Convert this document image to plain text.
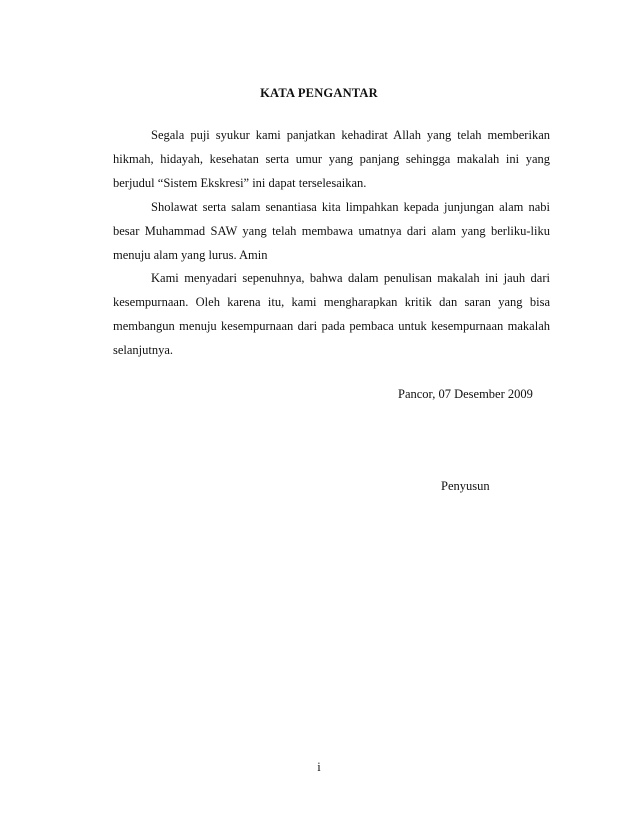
KATA PENGANTAR

Segala puji syukur kami panjatkan kehadirat Allah yang telah memberikan hikmah, hidayah, kesehatan serta umur yang panjang sehingga makalah ini yang berjudul “Sistem Ekskresi” ini dapat terselesaikan.

Sholawat serta salam senantiasa kita limpahkan kepada junjungan alam nabi besar Muhammad SAW yang telah membawa umatnya dari alam yang berliku-liku menuju alam yang lurus. Amin

Kami menyadari sepenuhnya, bahwa dalam penulisan makalah ini jauh dari kesempurnaan. Oleh karena itu, kami mengharapkan kritik dan saran yang bisa membangun menuju kesempurnaan dari pada pembaca untuk kesempurnaan makalah selanjutnya.

Pancor, 07 Desember 2009
Penyusun
i
